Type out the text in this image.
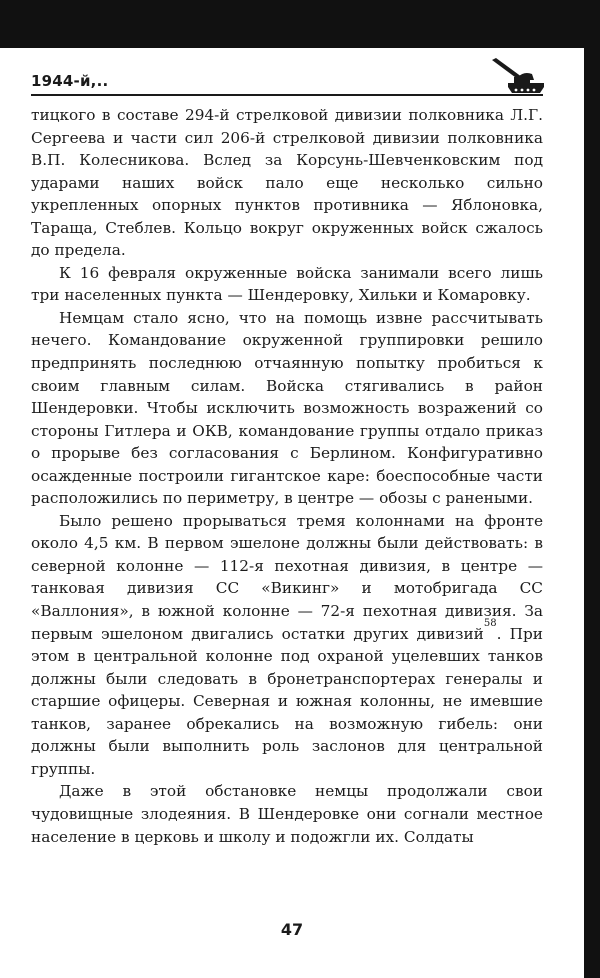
1944-й,..

тицкого в составе 294-й стрелковой дивизии полковника Л.Г. Сергеева и части сил 206-й стрелковой дивизии полковника В.П. Колесникова. Вслед за Корсунь-Шевченковским под ударами наших войск пало еще несколько сильно укрепленных опорных пунктов противника — Яблоновка, Тараща, Стеблев. Кольцо вокруг окруженных войск сжалось до предела.

К 16 февраля окруженные войска занимали всего лишь три населенных пункта — Шендеровку, Хильки и Комаровку.

Немцам стало ясно, что на помощь извне рассчитывать нечего. Командование окруженной группировки решило предпринять последнюю отчаянную попытку пробиться к своим главным силам. Войска стягивались в район Шендеровки. Чтобы исключить возможность возражений со стороны Гитлера и ОКВ, командование группы отдало приказ о прорыве без согласования с Берлином. Конфигуративно осажденные построили гигантское каре: боеспособные части расположились по периметру, в центре — обозы с ранеными.

Было решено прорываться тремя колоннами на фронте около 4,5 км. В первом эшелоне должны были действовать: в северной колонне — 112-я пехотная дивизия, в центре — танковая дивизия СС «Викинг» и мотобригада СС «Валлония», в южной колонне — 72-я пехотная дивизия. За первым эшелоном двигались остатки других дивизий$^{58}$. При этом в центральной колонне под охраной уцелевших танков должны были следовать в бронетранспортерах генералы и старшие офицеры. Северная и южная колонны, не имевшие танков, заранее обрекались на возможную гибель: они должны были выполнить роль заслонов для центральной группы.

Даже в этой обстановке немцы продолжали свои чудовищные злодеяния. В Шендеровке они согнали местное население в церковь и школу и подожгли их. Солдаты

47
